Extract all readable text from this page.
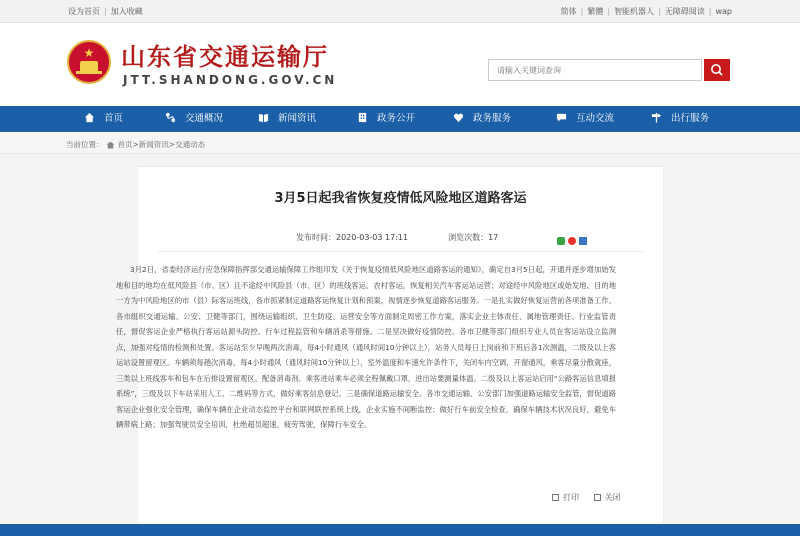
设为首页 | 加入收藏	简体 | 繁體 | 智能机器人 | 无障碍阅读 | wap
★	山东省交通运输厅
JTT.SHANDONG.GOV.CN
请输入关键词查询
首页	交通概况	新闻资讯	政务公开	政务服务	互动交流	出行服务
当前位置： 首页>新闻资讯>交通动态
3月5日起我省恢复疫情低风险地区道路客运
发布时间：2020-03-03 17:11	浏览次数：17

3月2日，省委经济运行应急保障指挥部交通运输保障工作组印发《关于恢复疫情低风险地区道路客运的通知》，确定自3月5日起，开通并逐步增加始发地和目的地均在低风险县（市、区）且不途经中风险县（市、区）的班线客运、农村客运，恢复相关汽车客运站运营；对途经中风险地区或始发地、目的地一方为中风险地区的市（县）际客运班线，各市抓紧制定道路客运恢复计划和预案，视情逐步恢复道路客运服务。一是扎实做好恢复运营前各项准备工作。各市组织交通运输、公安、卫健等部门，围绕运输组织、卫生防疫、运营安全等方面制定周密工作方案，落实企业主体责任、属地管理责任、行业监管责任，督促客运企业严格执行客运站源头防控、行车过程监管和车辆消杀等措施。二是坚决做好疫情防控。各市卫健等部门组织专业人员在客运站设立监测点，加强对疫情的检测和处置。客运站至少早晚两次消毒，每4小时通风（通风时间10分钟以上），站务人员每日上岗前和下班后各1次测温，二级及以上客运站设置留观区。车辆须每趟次消毒，每4小时通风（通风时间10分钟以上），室外温度和车速允许条件下，关闭车内空调，开窗通风，乘客尽量分散就座，三类以上班线客车和包车在后排设置留观区、配备消毒剂。乘客进站乘车必须全程佩戴口罩，进出站要测量体温。二级及以上客运站启用“公路客运信息填报系统”，三级及以下车站采用人工、二维码等方式，做好乘客信息登记。三是确保道路运输安全。各市交通运输、公安部门加强道路运输安全监管，督促道路客运企业强化安全管理，确保车辆在企业动态监控平台和联网联控系统上线，企业实施不间断监控；做好行车前安全检查，确保车辆技术状况良好，避免车辆带病上路；加强驾驶员安全培训，杜绝超员超速、疲劳驾驶，保障行车安全。

打印	关闭
